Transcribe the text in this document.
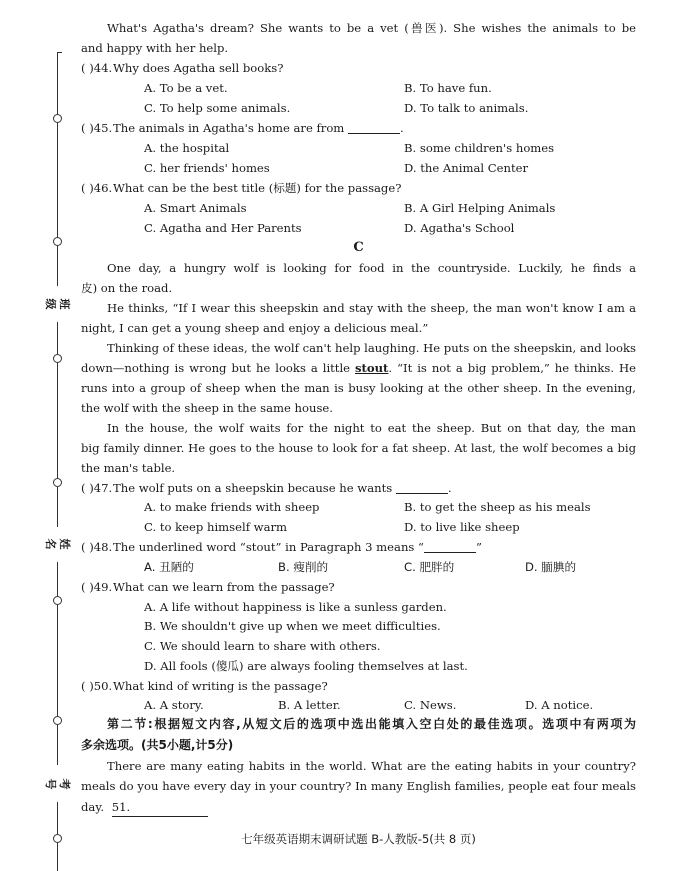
班级
姓名
考号
What's Agatha's dream? She wants to be a vet (兽医). She wishes the animals to be
and happy with her help.
( )44. Why does Agatha sell books?
A. To be a vet.	B. To have fun.
C. To help some animals.	D. To talk to animals.
( )45. The animals in Agatha's home are from	.
A. the hospital	B. some children's homes
C. her friends' homes	D. the Animal Center
( )46. What can be the best title (标题) for the passage?
A. Smart Animals	B. A Girl Helping Animals
C. Agatha and Her Parents	D. Agatha's School
C
One day, a hungry wolf is looking for food in the countryside. Luckily, he finds a
皮) on the road.
He thinks, “If I wear this sheepskin and stay with the sheep, the man won't know I am a
night, I can get a young sheep and enjoy a delicious meal.”
Thinking of these ideas, the wolf can't help laughing. He puts on the sheepskin, and looks
down—nothing is wrong but he looks a little stout. “It is not a big problem,” he thinks. He
runs into a group of sheep when the man is busy looking at the other sheep. In the evening,
the wolf with the sheep in the same house.
In the house, the wolf waits for the night to eat the sheep. But on that day, the man
big family dinner. He goes to the house to look for a fat sheep. At last, the wolf becomes a big
the man's table.
( )47. The wolf puts on a sheepskin because he wants	.
A. to make friends with sheep	B. to get the sheep as his meals
C. to keep himself warm	D. to live like sheep
( )48. The underlined word “stout” in Paragraph 3 means “	”
A. 丑陋的	B. 瘦削的	C. 肥胖的	D. 腼腆的
( )49. What can we learn from the passage?
A. A life without happiness is like a sunless garden.
B. We shouldn't give up when we meet difficulties.
C. We should learn to share with others.
D. All fools (傻瓜) are always fooling themselves at last.
( )50. What kind of writing is the passage?
A. A story.	B. A letter.	C. News.	D. A notice.
第二节:根据短文内容,从短文后的选项中选出能填入空白处的最佳选项。选项中有两项为
多余选项。(共5小题,计5分)
There are many eating habits in the world. What are the eating habits in your country?
meals do you have every day in your country? In many English families, people eat four meals
day. 51.
七年级英语期末调研试题 B-人教版-5(共 8 页)
